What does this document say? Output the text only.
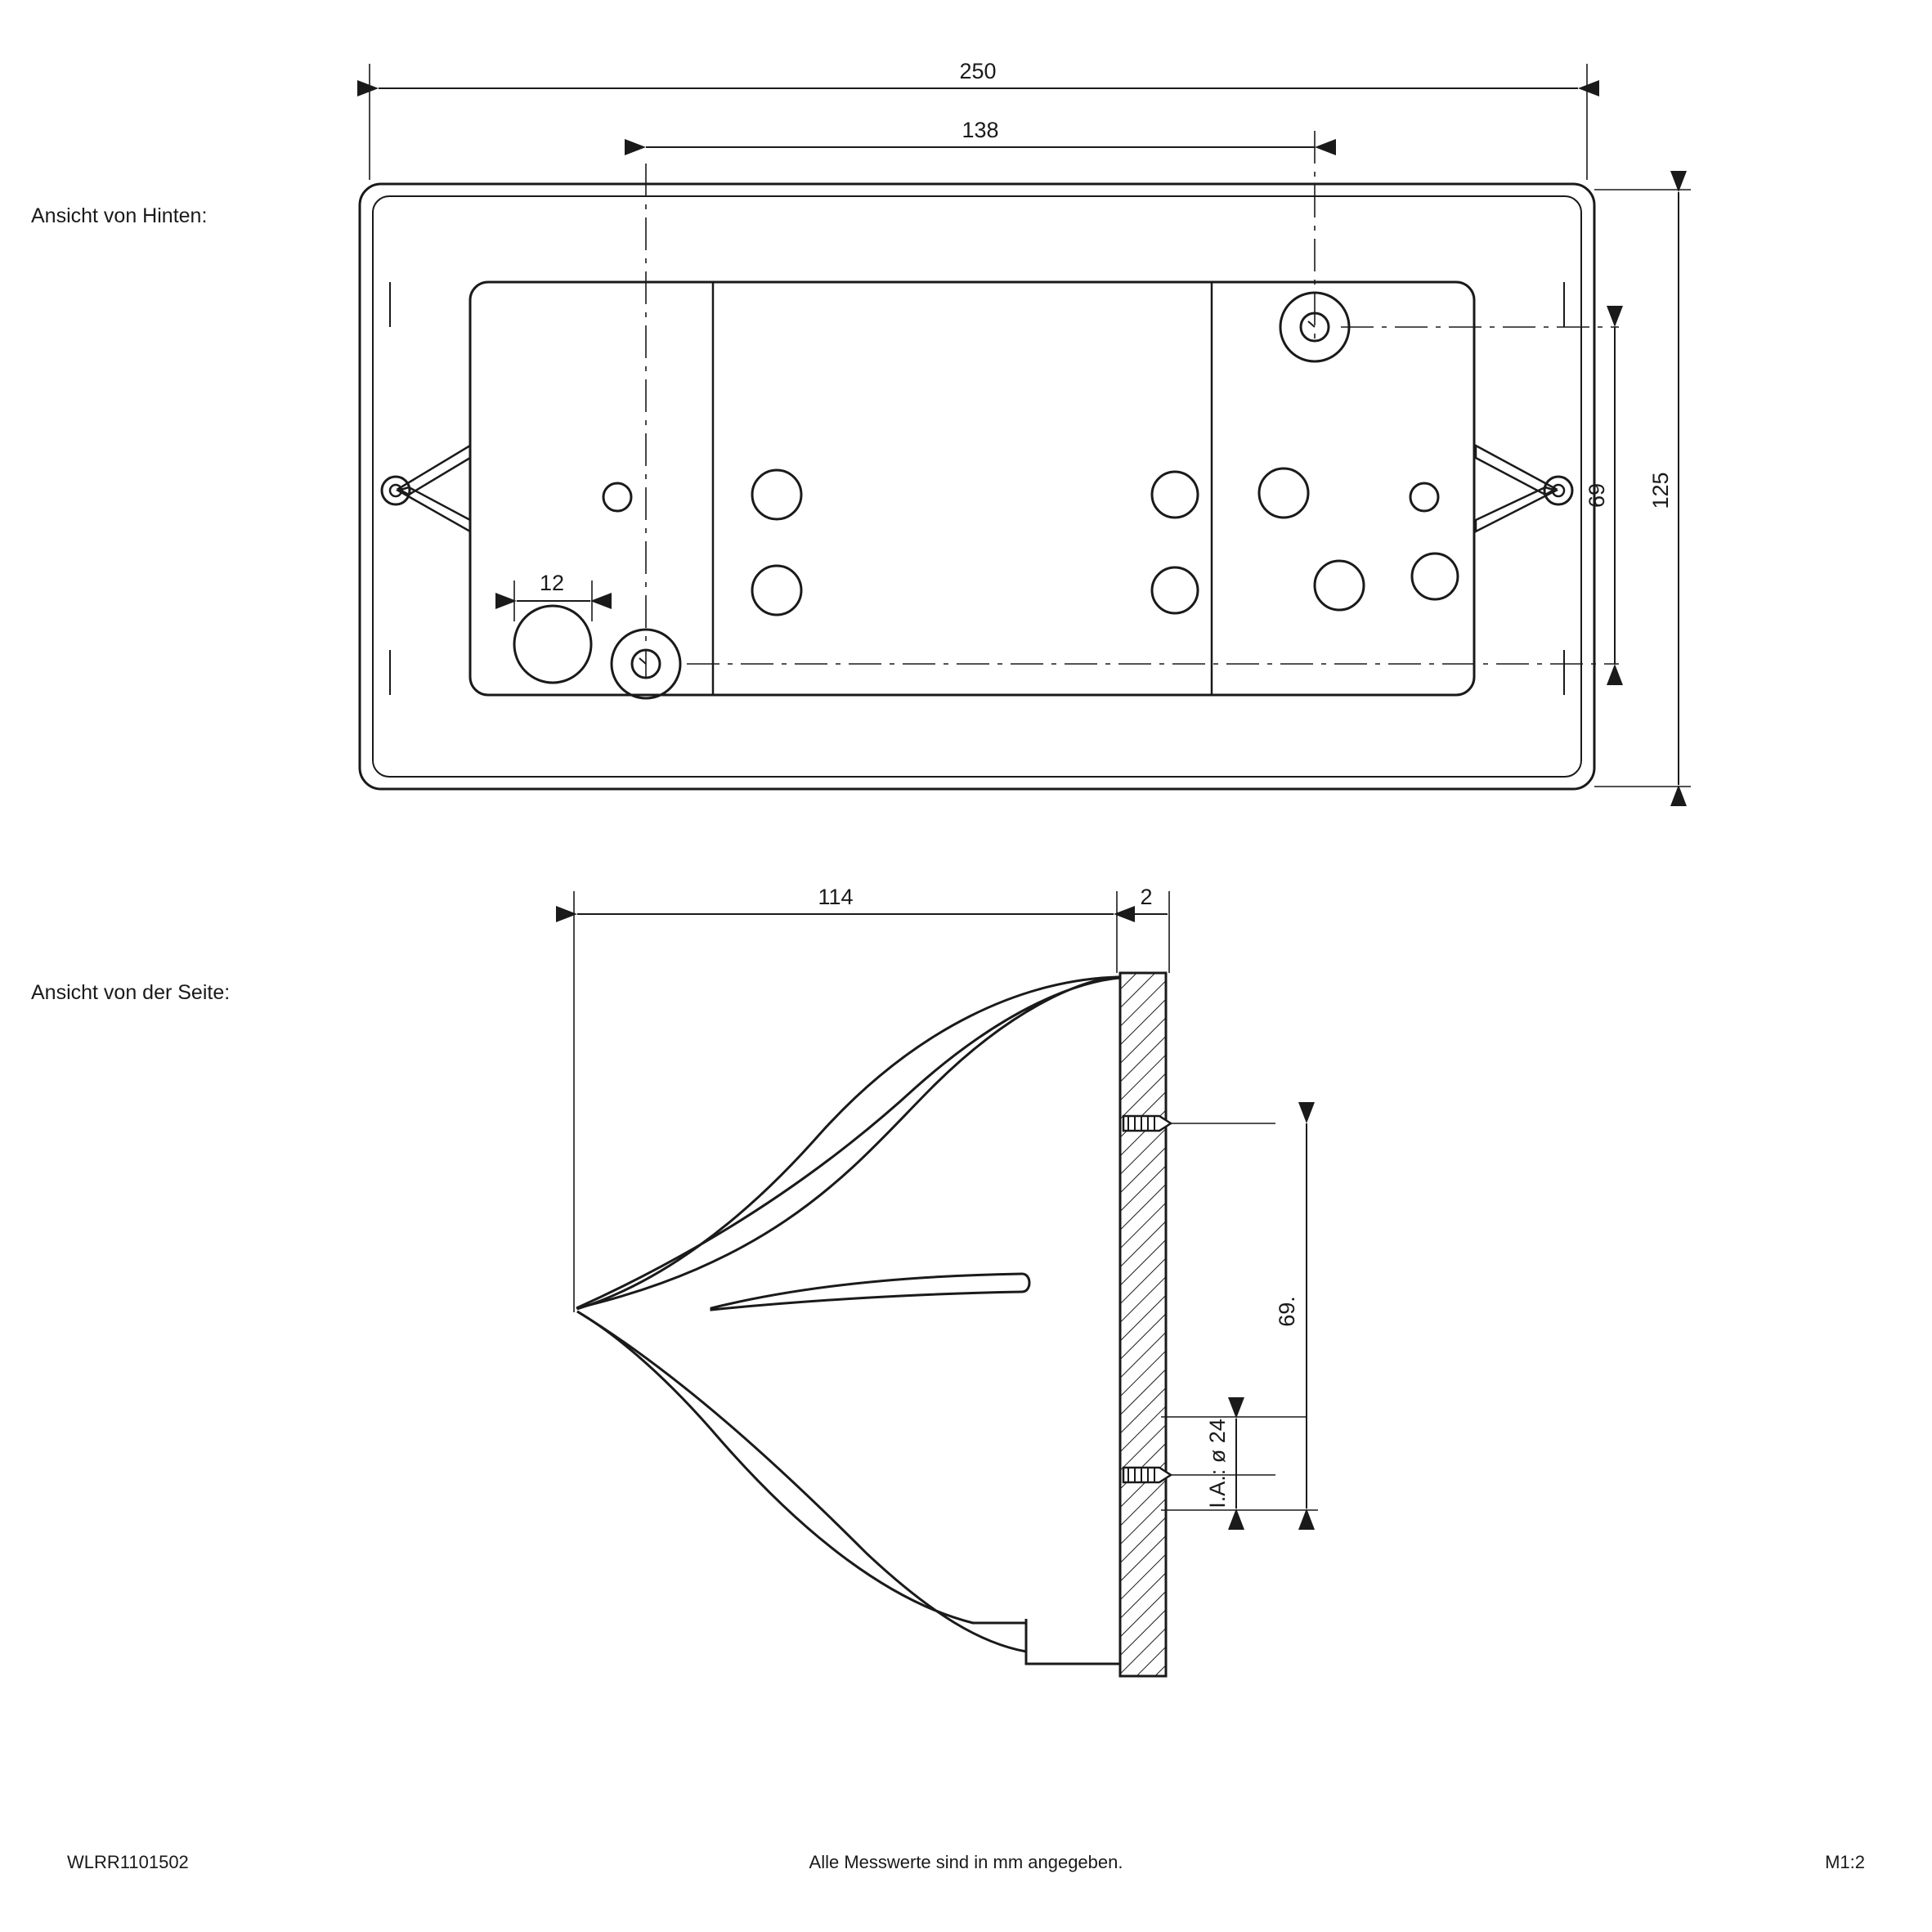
Ansicht von Hinten:
Ansicht von der Seite:
250
138
125
69
12
114	2
69.
I.A.: ø 24
WLRR1101502	Alle Messwerte sind in mm angegeben.	M1:2
